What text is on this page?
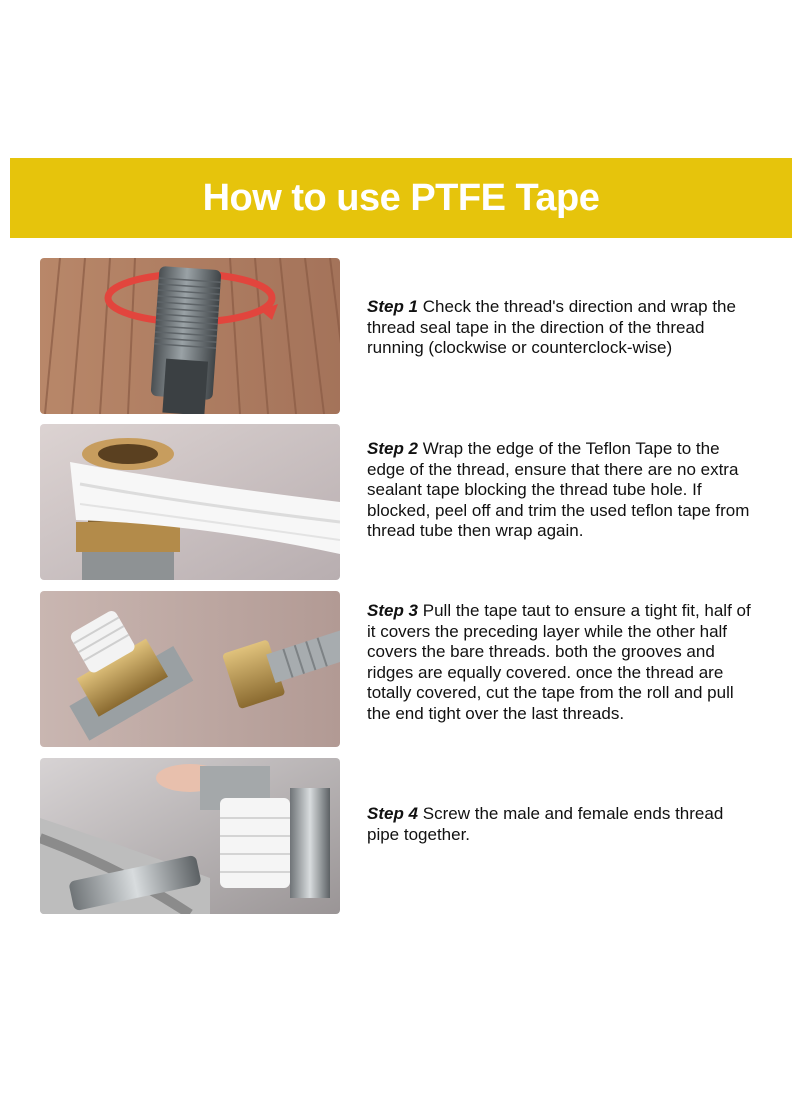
How to use PTFE Tape
Step 1 Check the thread's direction and wrap the thread seal tape in the direction of the thread running (clockwise or counterclock-wise)
Step 2 Wrap the edge of the Teflon Tape to the edge of the thread, ensure that there are no extra sealant tape blocking the thread tube hole. If blocked, peel off and trim the used teflon tape from thread tube then wrap again.
Step 3 Pull the tape taut to ensure a tight fit, half of it covers the preceding layer while the other half covers the bare threads. both the grooves and ridges are equally covered. once the thread are totally covered, cut the tape from the roll and pull the end tight over the last threads.
Step 4 Screw the male and female ends thread pipe together.
